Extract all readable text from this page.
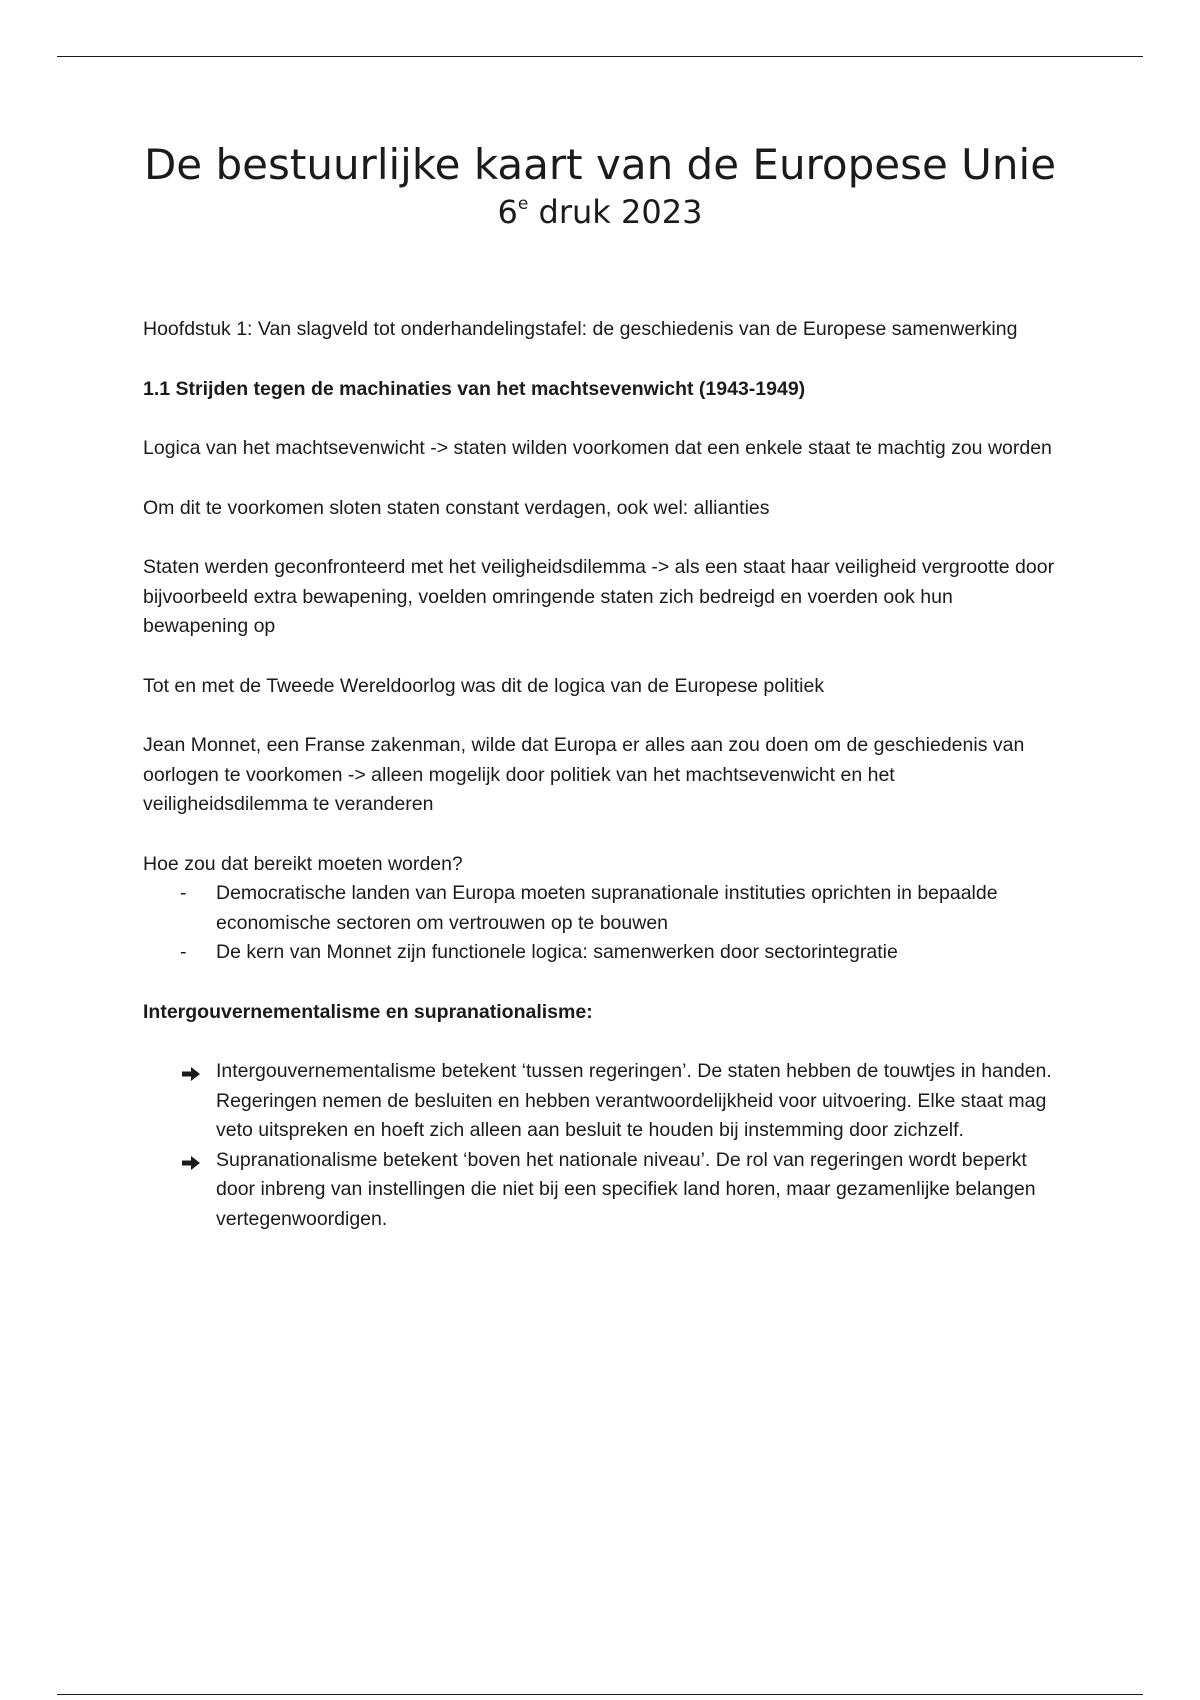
De bestuurlijke kaart van de Europese Unie
6e druk 2023

Hoofdstuk 1: Van slagveld tot onderhandelingstafel: de geschiedenis van de Europese samenwerking

1.1 Strijden tegen de machinaties van het machtsevenwicht (1943-1949)

Logica van het machtsevenwicht -> staten wilden voorkomen dat een enkele staat te machtig zou worden

Om dit te voorkomen sloten staten constant verdagen, ook wel: allianties

Staten werden geconfronteerd met het veiligheidsdilemma -> als een staat haar veiligheid vergrootte door bijvoorbeeld extra bewapening, voelden omringende staten zich bedreigd en voerden ook hun bewapening op

Tot en met de Tweede Wereldoorlog was dit de logica van de Europese politiek

Jean Monnet, een Franse zakenman, wilde dat Europa er alles aan zou doen om de geschiedenis van oorlogen te voorkomen -> alleen mogelijk door politiek van het machtsevenwicht en het veiligheidsdilemma te veranderen

Hoe zou dat bereikt moeten worden?

-	Democratische landen van Europa moeten supranationale instituties oprichten in bepaalde economische sectoren om vertrouwen op te bouwen
-	De kern van Monnet zijn functionele logica: samenwerken door sectorintegratie

Intergouvernementalisme en supranationalisme:

Intergouvernementalisme betekent ‘tussen regeringen’. De staten hebben de touwtjes in handen. Regeringen nemen de besluiten en hebben verantwoordelijkheid voor uitvoering. Elke staat mag veto uitspreken en hoeft zich alleen aan besluit te houden bij instemming door zichzelf.
Supranationalisme betekent ‘boven het nationale niveau’. De rol van regeringen wordt beperkt door inbreng van instellingen die niet bij een specifiek land horen, maar gezamenlijke belangen vertegenwoordigen.
